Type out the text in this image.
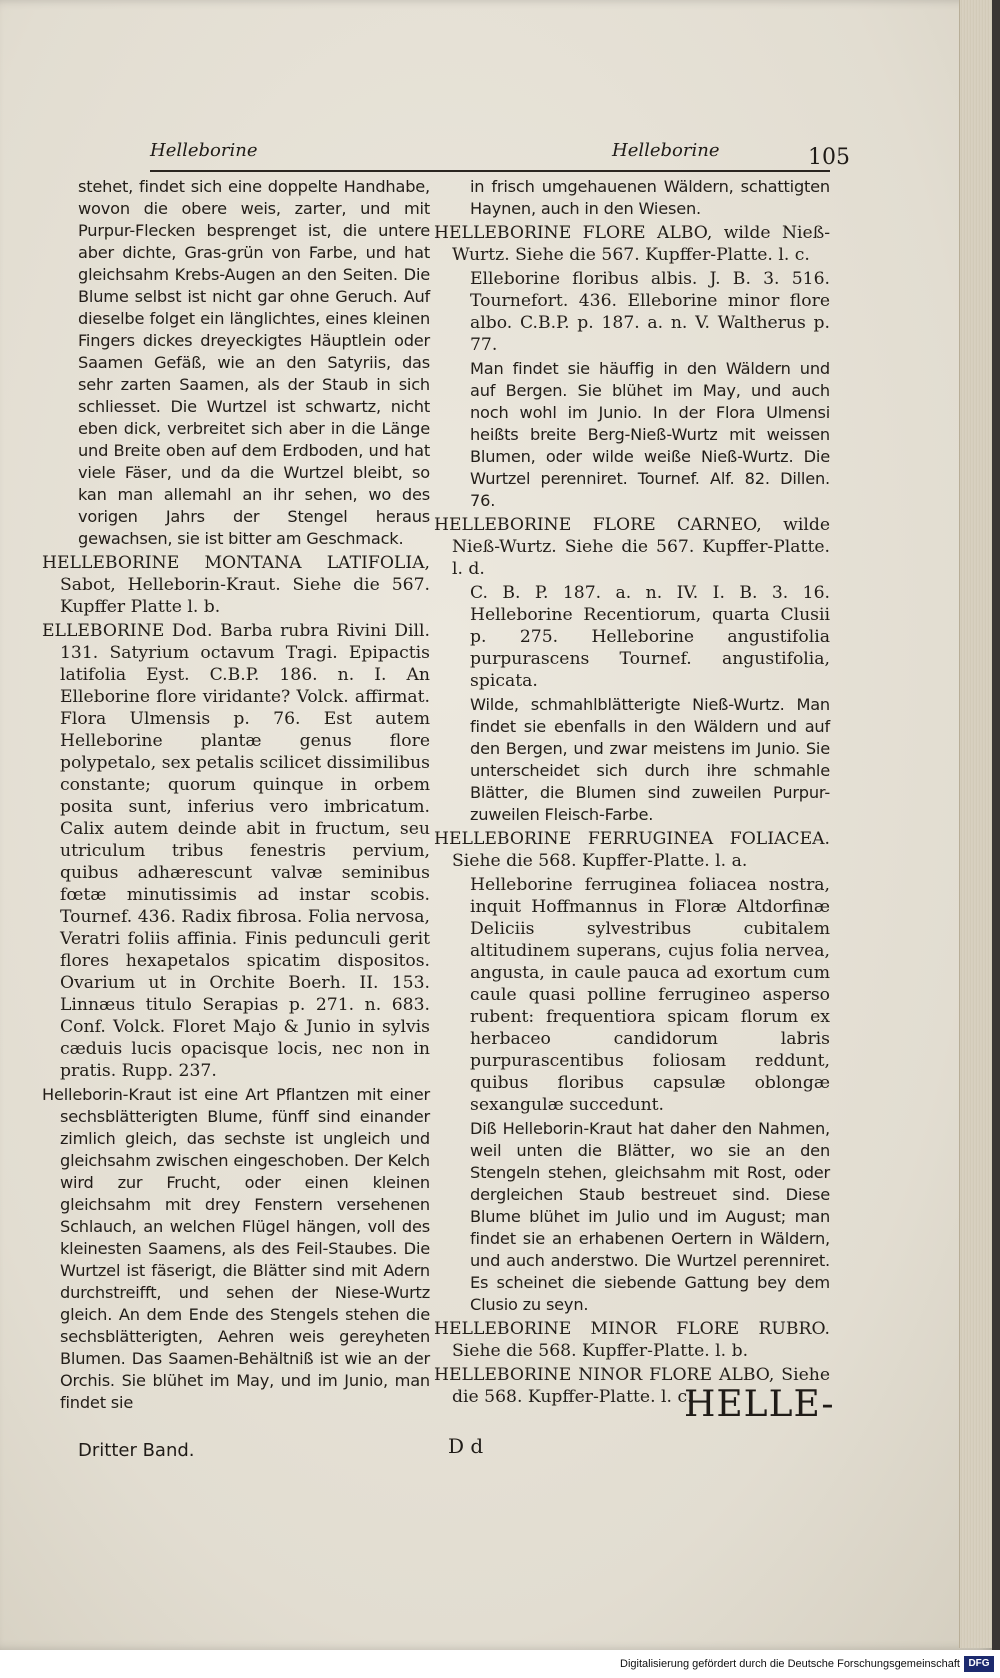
Helleborine	Helleborine	105

stehet, findet sich eine doppelte Handhabe, wovon die obere weis, zarter, und mit Purpur-Flecken besprenget ist, die untere aber dichte, Gras-grün von Farbe, und hat gleichsahm Krebs-Augen an den Seiten. Die Blume selbst ist nicht gar ohne Geruch. Auf dieselbe folget ein länglichtes, eines kleinen Fingers dickes dreyeckigtes Häuptlein oder Saamen Gefäß, wie an den Satyriis, das sehr zarten Saamen, als der Staub in sich schliesset. Die Wurtzel ist schwartz, nicht eben dick, verbreitet sich aber in die Länge und Breite oben auf dem Erdboden, und hat viele Fäser, und da die Wurtzel bleibt, so kan man allemahl an ihr sehen, wo des vorigen Jahrs der Stengel heraus gewachsen, sie ist bitter am Geschmack.

HELLEBORINE MONTANA LATIFOLIA, Sabot, Helleborin-Kraut. Siehe die 567. Kupffer Platte l. b.

ELLEBORINE Dod. Barba rubra Rivini Dill. 131. Satyrium octavum Tragi. Epipactis latifolia Eyst. C.B.P. 186. n. I. An Elleborine flore viridante? Volck. affirmat. Flora Ulmensis p. 76. Est autem Helleborine plantæ genus flore polypetalo, sex petalis scilicet dissimilibus constante; quorum quinque in orbem posita sunt, inferius vero imbricatum. Calix autem deinde abit in fructum, seu utriculum tribus fenestris pervium, quibus adhærescunt valvæ seminibus fœtæ minutissimis ad instar scobis. Tournef. 436. Radix fibrosa. Folia nervosa, Veratri foliis affinia. Finis pedunculi gerit flores hexapetalos spicatim dispositos. Ovarium ut in Orchite Boerh. II. 153. Linnæus titulo Serapias p. 271. n. 683. Conf. Volck. Floret Majo & Junio in sylvis cæduis lucis opacisque locis, nec non in pratis. Rupp. 237.

Helleborin-Kraut ist eine Art Pflantzen mit einer sechsblätterigten Blume, fünff sind einander zimlich gleich, das sechste ist ungleich und gleichsahm zwischen eingeschoben. Der Kelch wird zur Frucht, oder einen kleinen gleichsahm mit drey Fenstern versehenen Schlauch, an welchen Flügel hängen, voll des kleinesten Saamens, als des Feil-Staubes. Die Wurtzel ist fäserigt, die Blätter sind mit Adern durchstreifft, und sehen der Niese-Wurtz gleich. An dem Ende des Stengels stehen die sechsblätterigten, Aehren weis gereyheten Blumen. Das Saamen-Behältniß ist wie an der Orchis. Sie blühet im May, und im Junio, man findet sie

in frisch umgehauenen Wäldern, schattigten Haynen, auch in den Wiesen.

HELLEBORINE FLORE ALBO, wilde Nieß-Wurtz. Siehe die 567. Kupffer-Platte. l. c.

Elleborine floribus albis. J. B. 3. 516. Tournefort. 436. Elleborine minor flore albo. C.B.P. p. 187. a. n. V. Waltherus p. 77.

Man findet sie häuffig in den Wäldern und auf Bergen. Sie blühet im May, und auch noch wohl im Junio. In der Flora Ulmensi heißts breite Berg-Nieß-Wurtz mit weissen Blumen, oder wilde weiße Nieß-Wurtz. Die Wurtzel perenniret. Tournef. Alf. 82. Dillen. 76.

HELLEBORINE FLORE CARNEO, wilde Nieß-Wurtz. Siehe die 567. Kupffer-Platte. l. d.

C. B. P. 187. a. n. IV. I. B. 3. 16. Helleborine Recentiorum, quarta Clusii p. 275. Helleborine angustifolia purpurascens Tournef. angustifolia, spicata.

Wilde, schmahlblätterigte Nieß-Wurtz. Man findet sie ebenfalls in den Wäldern und auf den Bergen, und zwar meistens im Junio. Sie unterscheidet sich durch ihre schmahle Blätter, die Blumen sind zuweilen Purpur-zuweilen Fleisch-Farbe.

HELLEBORINE FERRUGINEA FOLIACEA. Siehe die 568. Kupffer-Platte. l. a.

Helleborine ferruginea foliacea nostra, inquit Hoffmannus in Floræ Altdorfinæ Deliciis sylvestribus cubitalem altitudinem superans, cujus folia nervea, angusta, in caule pauca ad exortum cum caule quasi polline ferrugineo asperso rubent: frequentiora spicam florum ex herbaceo candidorum labris purpurascentibus foliosam reddunt, quibus floribus capsulæ oblongæ sexangulæ succedunt.

Diß Helleborin-Kraut hat daher den Nahmen, weil unten die Blätter, wo sie an den Stengeln stehen, gleichsahm mit Rost, oder dergleichen Staub bestreuet sind. Diese Blume blühet im Julio und im August; man findet sie an erhabenen Oertern in Wäldern, und auch anderstwo. Die Wurtzel perenniret. Es scheinet die siebende Gattung bey dem Clusio zu seyn.

HELLEBORINE MINOR FLORE RUBRO. Siehe die 568. Kupffer-Platte. l. b.

HELLEBORINE NINOR FLORE ALBO, Siehe die 568. Kupffer-Platte. l. c.

Dritter Band.	D d
HELLE-
Digitalisierung gefördert durch die Deutsche Forschungsgemeinschaft DFG
